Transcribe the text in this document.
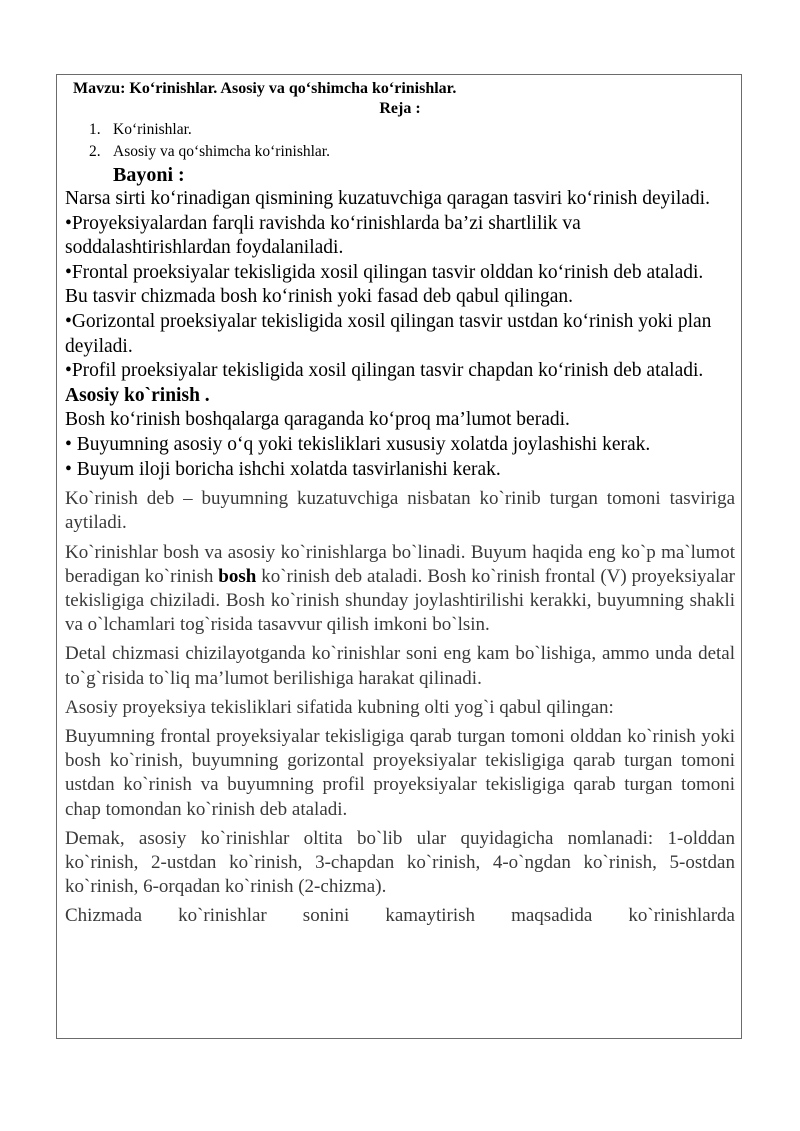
Mavzu: Ko‘rinishlar. Asosiy va qo‘shimcha ko‘rinishlar.
Reja :
1. Ko‘rinishlar.
2. Asosiy va qo‘shimcha ko‘rinishlar.
Bayoni :

Narsa sirti ko‘rinadigan qismining kuzatuvchiga qaragan tasviri ko‘rinish deyiladi.

•Proyeksiyalardan farqli ravishda ko‘rinishlarda ba’zi shartlilik va soddalashtirishlardan foydalaniladi.

•Frontal proeksiyalar tekisligida xosil qilingan tasvir olddan ko‘rinish deb ataladi.

Bu tasvir chizmada bosh ko‘rinish yoki fasad deb qabul qilingan.

•Gorizontal proeksiyalar tekisligida xosil qilingan tasvir ustdan ko‘rinish yoki plan deyiladi.

•Profil proeksiyalar tekisligida xosil qilingan tasvir chapdan ko‘rinish deb ataladi.

Asosiy ko`rinish .

Bosh ko‘rinish boshqalarga qaraganda ko‘proq ma’lumot beradi.

• Buyumning asosiy o‘q yoki tekisliklari xususiy xolatda joylashishi kerak.

• Buyum iloji boricha ishchi xolatda tasvirlanishi kerak.

Ko`rinish deb – buyumning kuzatuvchiga nisbatan ko`rinib turgan tomoni tasviriga aytiladi.

Ko`rinishlar bosh va asosiy ko`rinishlarga bo`linadi. Buyum haqida eng ko`p ma`lumot beradigan ko`rinish bosh ko`rinish deb ataladi. Bosh ko`rinish frontal (V) proyeksiyalar tekisligiga chiziladi. Bosh ko`rinish shunday joylashtirilishi kerakki, buyumning shakli va o`lchamlari tog`risida tasavvur qilish imkoni bo`lsin.

Detal chizmasi chizilayotganda ko`rinishlar soni eng kam bo`lishiga, ammo unda detal to`g`risida to`liq ma’lumot berilishiga harakat qilinadi.

Asosiy proyeksiya tekisliklari sifatida kubning olti yog`i qabul qilingan:

Buyumning frontal proyeksiyalar tekisligiga qarab turgan tomoni olddan ko`rinish yoki bosh ko`rinish, buyumning gorizontal proyeksiyalar tekisligiga qarab turgan tomoni ustdan ko`rinish va buyumning profil proyeksiyalar tekisligiga qarab turgan tomoni chap tomondan ko`rinish deb ataladi.

Demak, asosiy ko`rinishlar oltita bo`lib ular quyidagicha nomlanadi: 1-olddan ko`rinish, 2-ustdan ko`rinish, 3-chapdan ko`rinish, 4-o`ngdan ko`rinish, 5-ostdan ko`rinish, 6-orqadan ko`rinish (2-chizma).

Chizmada ko`rinishlar sonini kamaytirish maqsadida ko`rinishlarda
